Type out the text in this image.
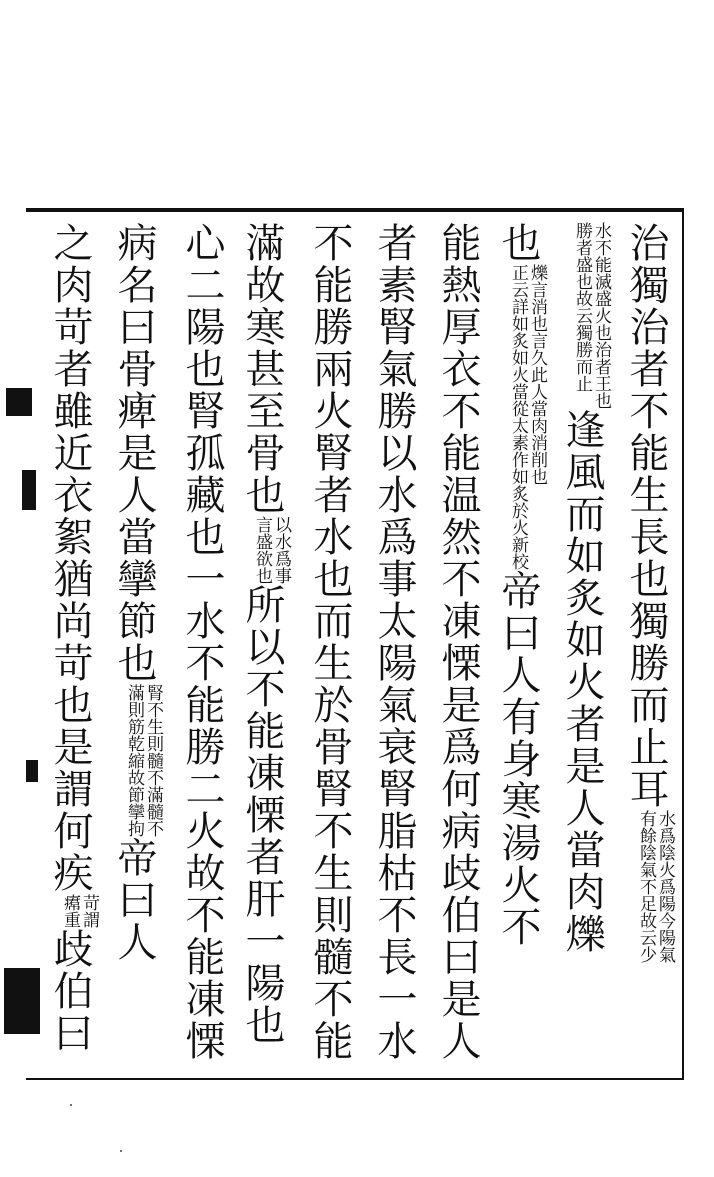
治獨治者不能生長也獨勝而止耳
水爲陰火爲陽今陽氣
有餘陰氣不足故云少
水不能滅盛火也治者王也
勝者盛也故云獨勝而止
逢風而如炙如火者是人當肉爍
也
爍言消也言久此人當肉消削也
正云詳如炙如火當從太素作如炙於火
新校帝曰人有身寒湯火不
能熱厚衣不能温然不凍慄是爲何病歧伯曰是人
者素腎氣勝以水爲事太陽氣衰腎脂枯不長一水
不能勝兩火腎者水也而生於骨腎不生則髓不能
滿故寒甚至骨也
以水爲事
言盛欲也
所以不能凍慄者肝一陽也
心二陽也腎孤藏也一水不能勝二火故不能凍慄
病名曰骨痺是人當攣節也
腎不生則髓不滿髓不
滿則筋乾縮故節攣拘
帝曰人
之肉苛者雖近衣絮猶尚苛也是謂何疾
苛謂
𤸷重
歧伯曰
